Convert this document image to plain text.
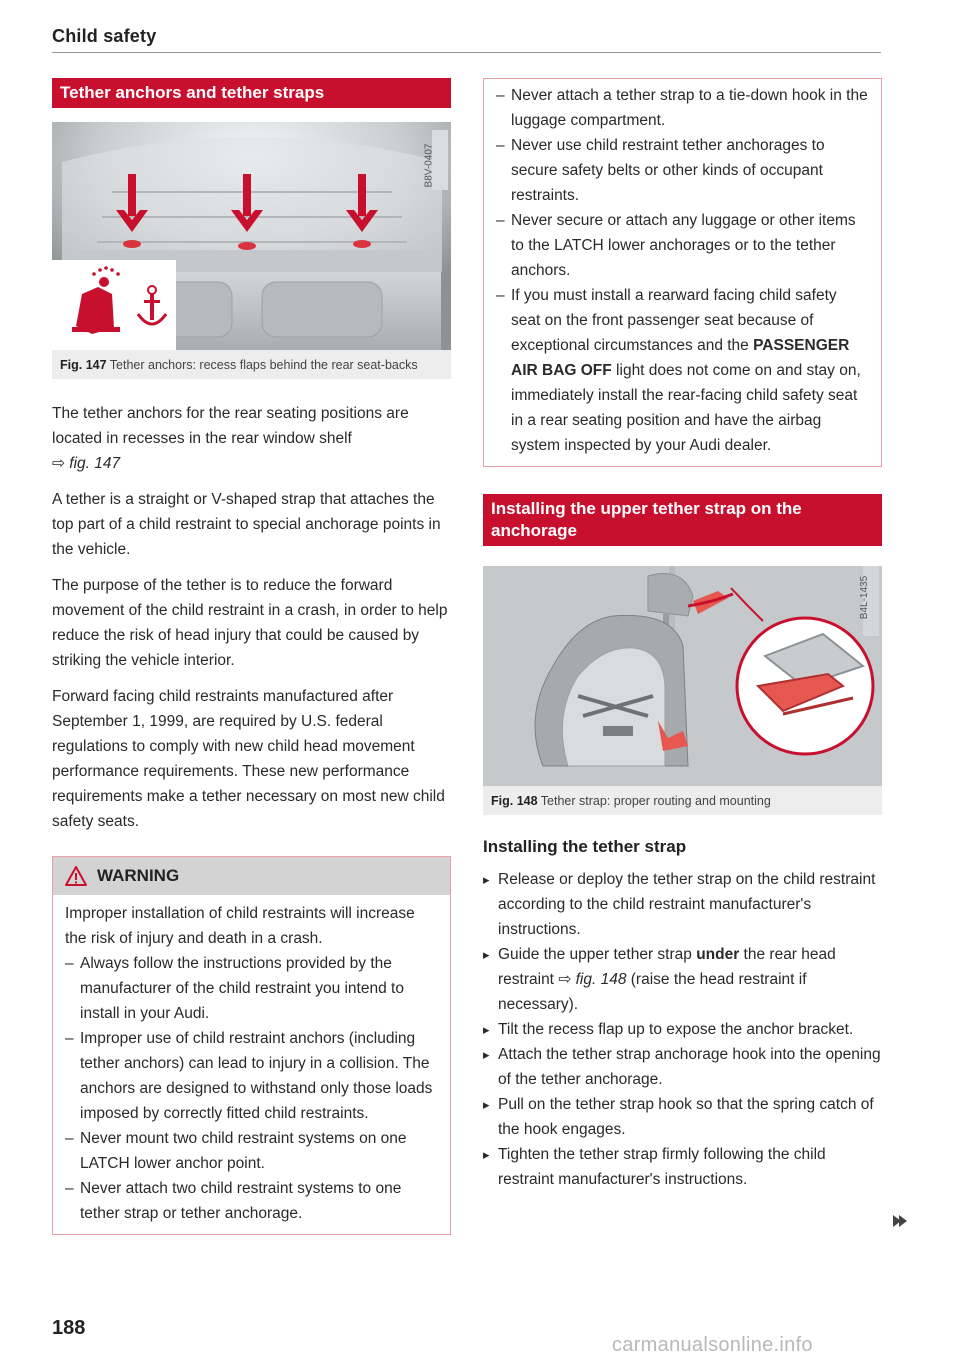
Child safety
Tether anchors and tether straps
B8V-0407
Fig. 147 Tether anchors: recess flaps behind the rear seat-backs

The tether anchors for the rear seating positions are located in recesses in the rear window shelf
⇨ fig. 147

A tether is a straight or V-shaped strap that attaches the top part of a child restraint to special anchorage points in the vehicle.

The purpose of the tether is to reduce the forward movement of the child restraint in a crash, in order to help reduce the risk of head injury that could be caused by striking the vehicle interior.

Forward facing child restraints manufactured after September 1, 1999, are required by U.S. federal regulations to comply with new child head movement performance requirements. These new performance requirements make a tether necessary on most new child safety seats.

WARNING
Improper installation of child restraints will increase the risk of injury and death in a crash.
– Always follow the instructions provided by the manufacturer of the child restraint you intend to install in your Audi.
– Improper use of child restraint anchors (including tether anchors) can lead to injury in a collision. The anchors are designed to withstand only those loads imposed by correctly fitted child restraints.
– Never mount two child restraint systems on one LATCH lower anchor point.
– Never attach two child restraint systems to one tether strap or tether anchorage.
– Never attach a tether strap to a tie-down hook in the luggage compartment.
– Never use child restraint tether anchorages to secure safety belts or other kinds of occupant restraints.
– Never secure or attach any luggage or other items to the LATCH lower anchorages or to the tether anchors.
– If you must install a rearward facing child safety seat on the front passenger seat because of exceptional circumstances and the PASSENGER AIR BAG OFF light does not come on and stay on, immediately install the rear-facing child safety seat in a rear seating position and have the airbag system inspected by your Audi dealer.
Installing the upper tether strap on the anchorage
B4L-1435
Fig. 148 Tether strap: proper routing and mounting
Installing the tether strap
▸ Release or deploy the tether strap on the child restraint according to the child restraint manufacturer's instructions.
▸ Guide the upper tether strap under the rear head restraint ⇨ fig. 148 (raise the head restraint if necessary).
▸ Tilt the recess flap up to expose the anchor bracket.
▸ Attach the tether strap anchorage hook into the opening of the tether anchorage.
▸ Pull on the tether strap hook so that the spring catch of the hook engages.
▸ Tighten the tether strap firmly following the child restraint manufacturer's instructions.
188
carmanualsonline.info
